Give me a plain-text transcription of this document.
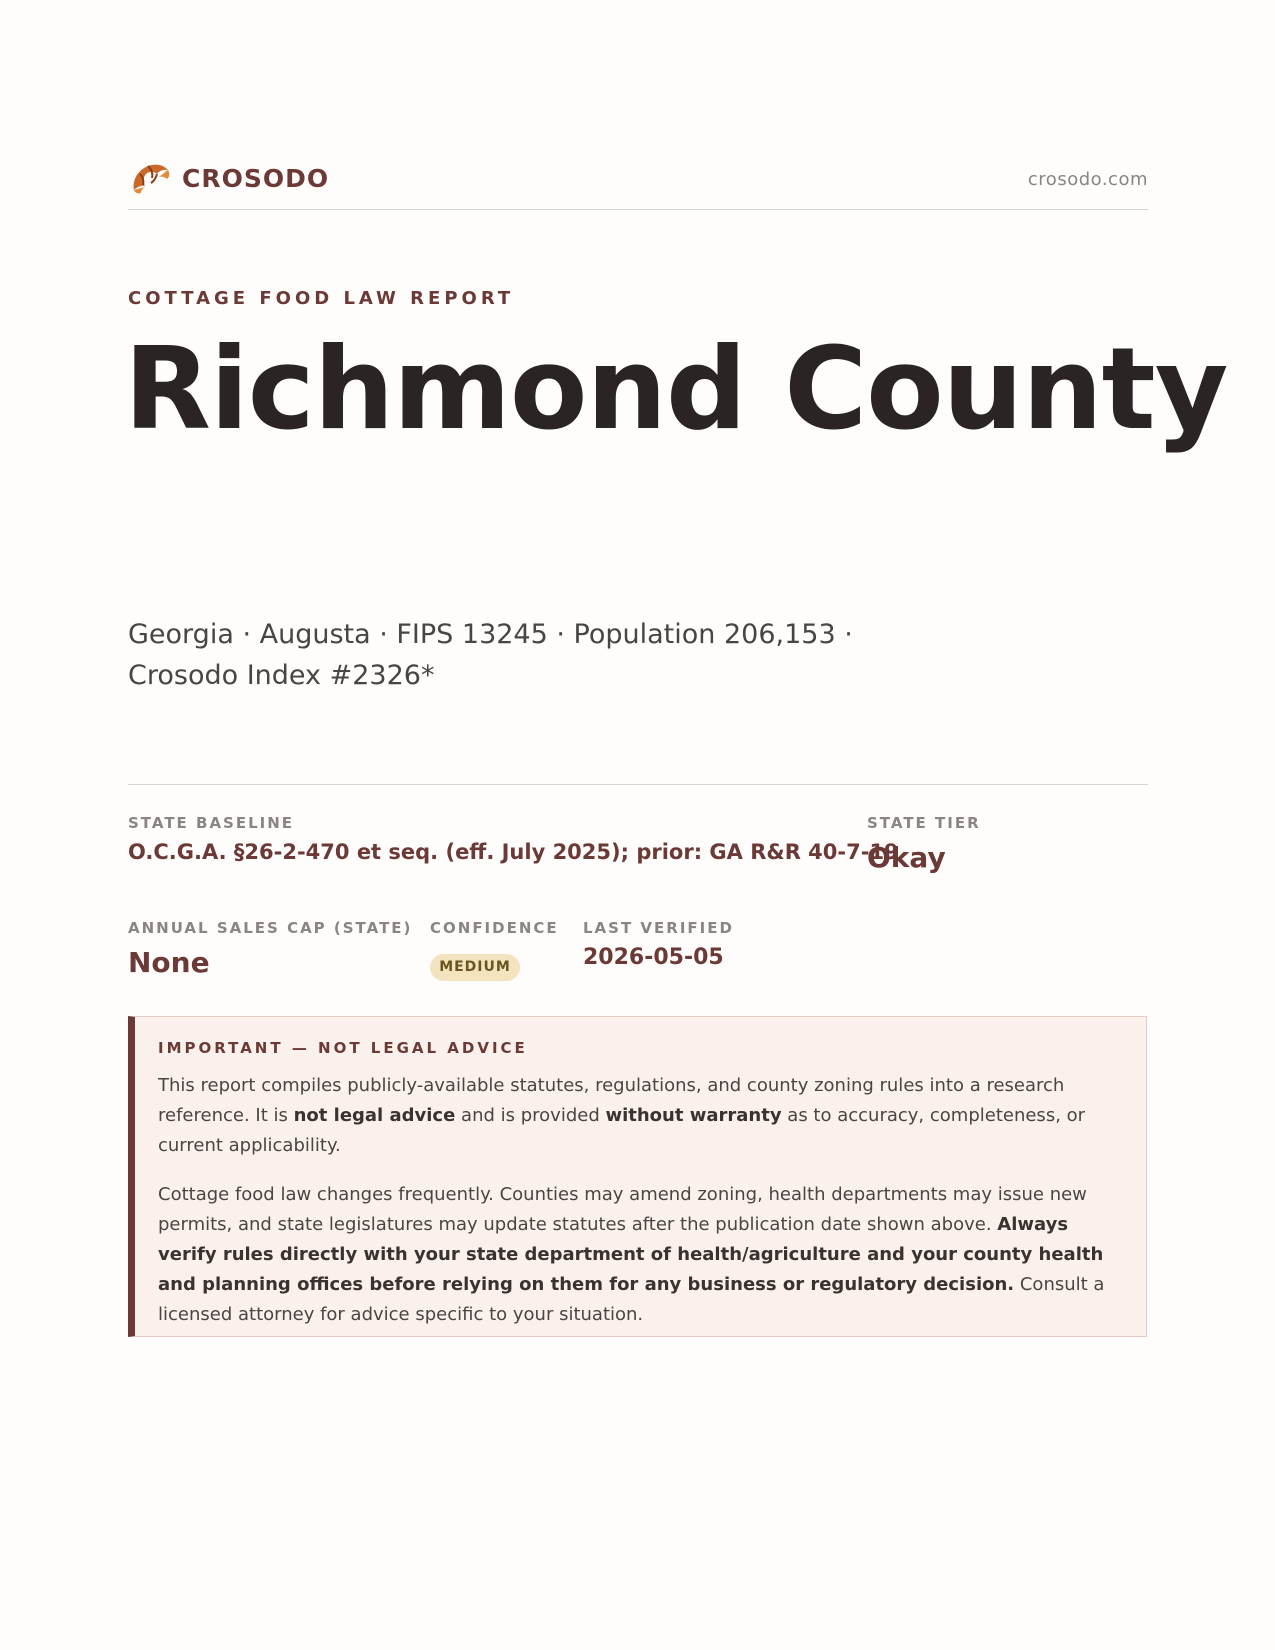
CROSODO	crosodo.com
COTTAGE FOOD LAW REPORT
Richmond County
Georgia · Augusta · FIPS 13245 · Population 206,153 ·
Crosodo Index #2326*
STATE BASELINE
O.C.G.A. §26-2-470 et seq. (eff. July 2025); prior: GA R&R 40-7-19
STATE TIER
Okay
ANNUAL SALES CAP (STATE)
None
CONFIDENCE
MEDIUM
LAST VERIFIED
2026-05-05
IMPORTANT — NOT LEGAL ADVICE

This report compiles publicly-available statutes, regulations, and county zoning rules into a research reference. It is not legal advice and is provided without warranty as to accuracy, completeness, or current applicability.

Cottage food law changes frequently. Counties may amend zoning, health departments may issue new permits, and state legislatures may update statutes after the publication date shown above. Always verify rules directly with your state department of health/agriculture and your county health and planning offices before relying on them for any business or regulatory decision. Consult a licensed attorney for advice specific to your situation.
